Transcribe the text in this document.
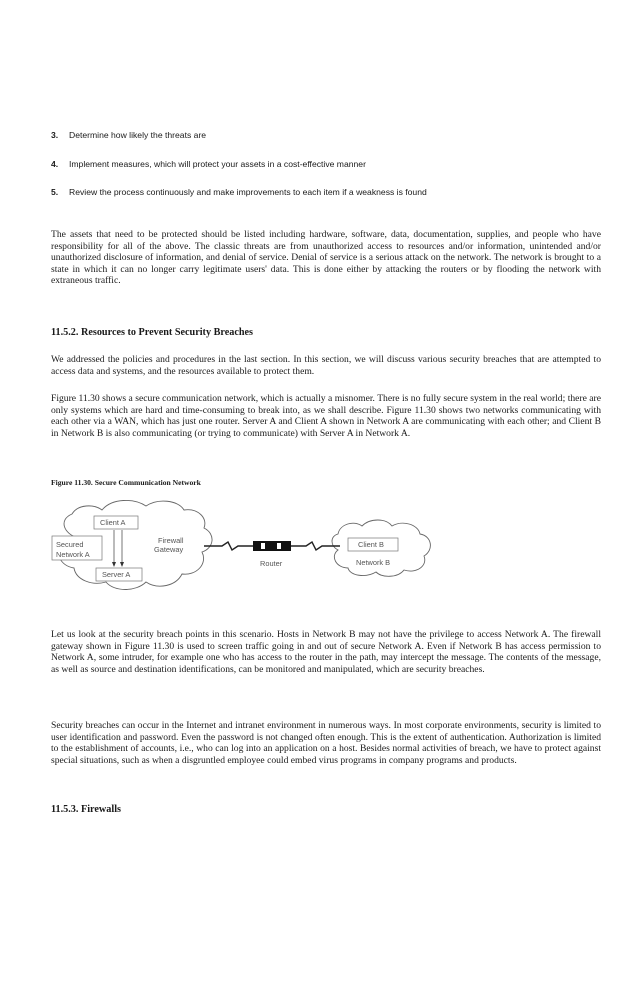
3. Determine how likely the threats are
4. Implement measures, which will protect your assets in a cost-effective manner
5. Review the process continuously and make improvements to each item if a weakness is found

The assets that need to be protected should be listed including hardware, software, data, documentation, supplies, and people who have responsibility for all of the above. The classic threats are from unauthorized access to resources and/or information, unintended and/or unauthorized disclosure of information, and denial of service. Denial of service is a serious attack on the network. The network is brought to a state in which it can no longer carry legitimate users' data. This is done either by attacking the routers or by flooding the network with extraneous traffic.

11.5.2. Resources to Prevent Security Breaches

We addressed the policies and procedures in the last section. In this section, we will discuss various security breaches that are attempted to access data and systems, and the resources available to protect them.

Figure 11.30 shows a secure communication network, which is actually a misnomer. There is no fully secure system in the real world; there are only systems which are hard and time-consuming to break into, as we shall describe. Figure 11.30 shows two networks communicating with each other via a WAN, which has just one router. Server A and Client A shown in Network A are communicating with each other; and Client B in Network B is also communicating (or trying to communicate) with Server A in Network A.

Figure 11.30. Secure Communication Network
Client A
Secured
Network A
Firewall
Gateway
Server A
Router
Client B
Network B

Let us look at the security breach points in this scenario. Hosts in Network B may not have the privilege to access Network A. The firewall gateway shown in Figure 11.30 is used to screen traffic going in and out of secure Network A. Even if Network B has access permission to Network A, some intruder, for example one who has access to the router in the path, may intercept the message. The contents of the message, as well as source and destination identifications, can be monitored and manipulated, which are security breaches.

Security breaches can occur in the Internet and intranet environment in numerous ways. In most corporate environments, security is limited to user identification and password. Even the password is not changed often enough. This is the extent of authentication. Authorization is limited to the establishment of accounts, i.e., who can log into an application on a host. Besides normal activities of breach, we have to protect against special situations, such as when a disgruntled employee could embed virus programs in company programs and products.

11.5.3. Firewalls
